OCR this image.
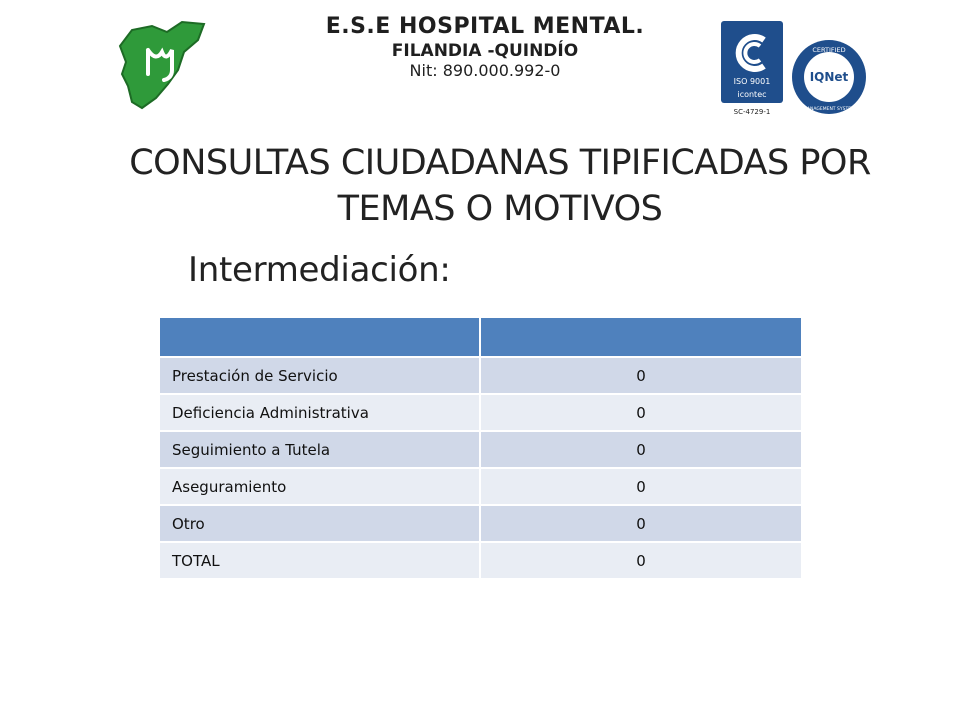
E.S.E HOSPITAL MENTAL.
FILANDIA -QUINDÍO
Nit: 890.000.992-0
ISO 9001
icontec
SC-4729-1
CERTIFIED
IQNet
MANAGEMENT SYSTEM
CONSULTAS CIUDADANAS TIPIFICADAS POR TEMAS O MOTIVOS
Intermediación:

Prestación de Servicio	0
Deficiencia Administrativa	0
Seguimiento a Tutela	0
Aseguramiento	0
Otro	0
TOTAL	0
